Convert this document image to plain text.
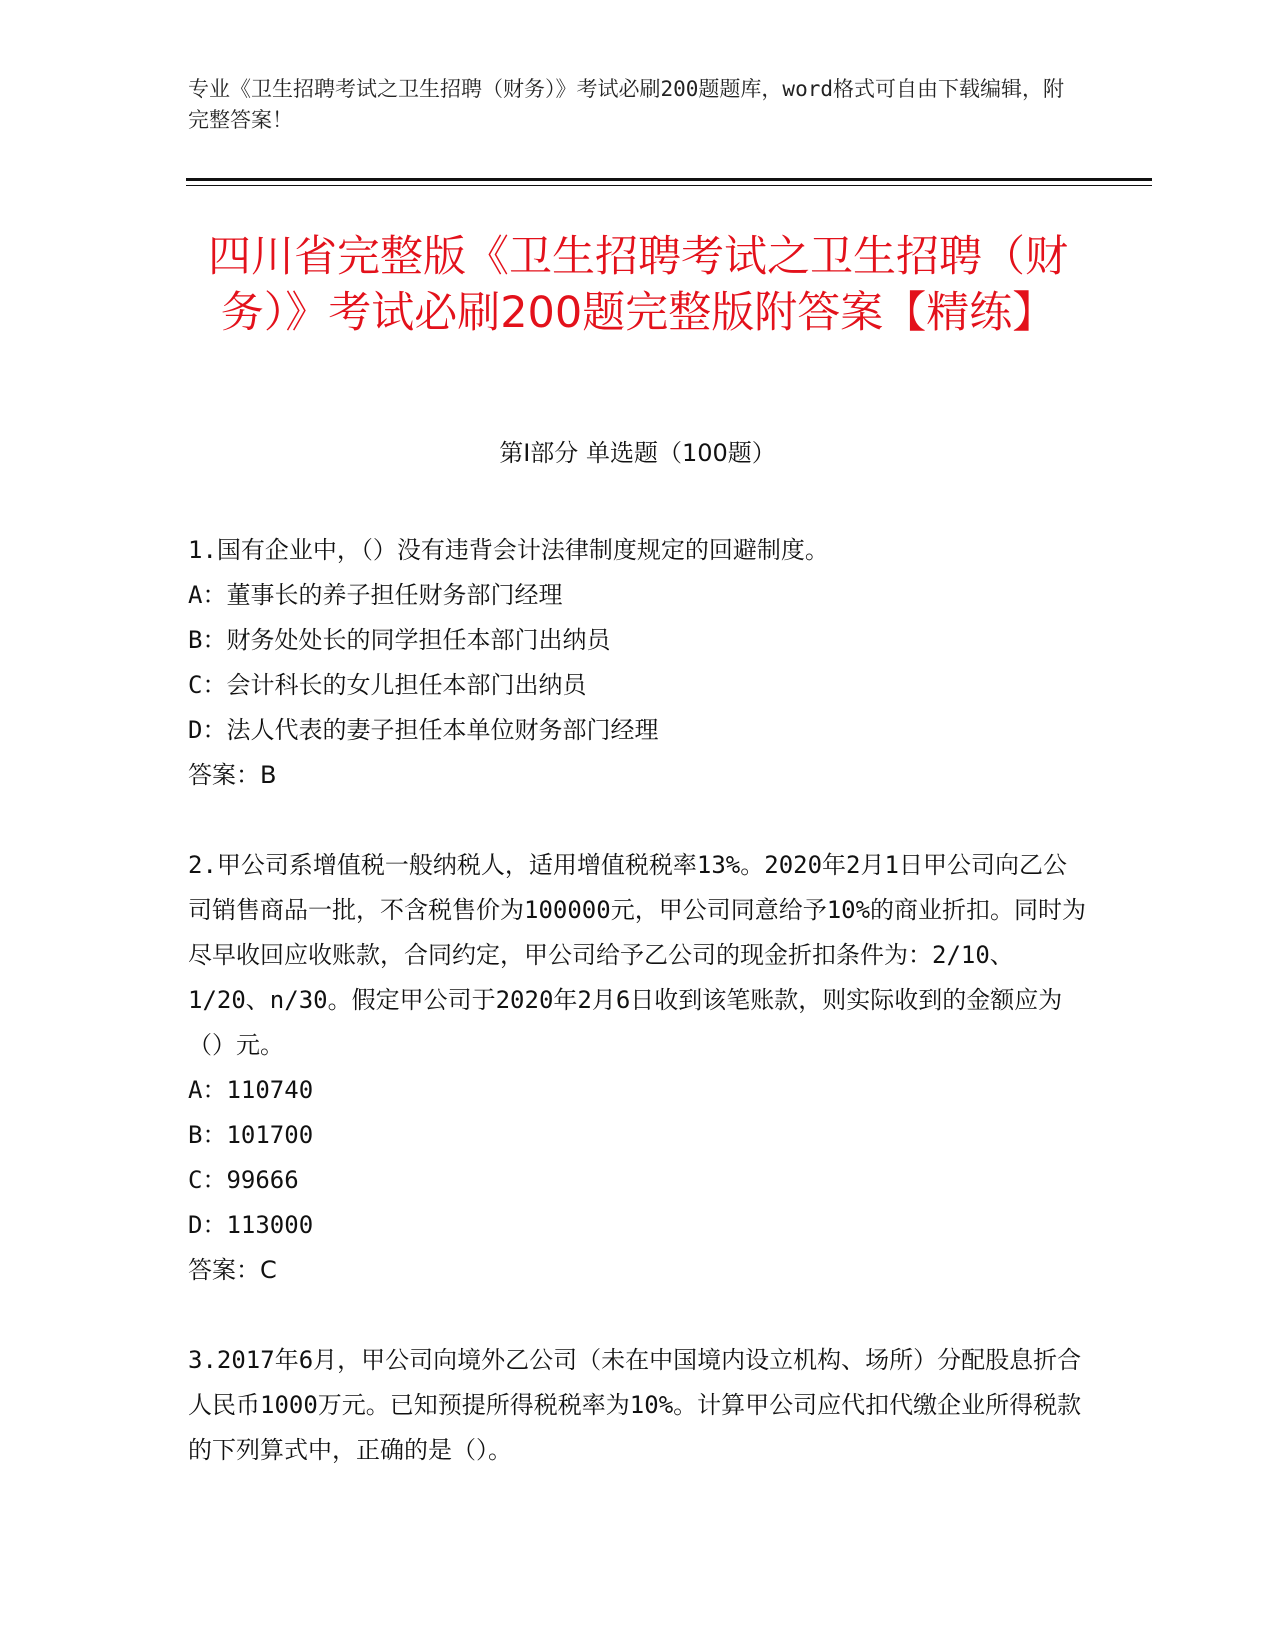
专业《卫生招聘考试之卫生招聘（财务）》考试必刷200题题库，word格式可自由下载编辑，附完整答案！
四川省完整版《卫生招聘考试之卫生招聘（财务）》考试必刷200题完整版附答案【精练】
第Ⅰ部分 单选题（100题）

1.国有企业中，（）没有违背会计法律制度规定的回避制度。

A：董事长的养子担任财务部门经理

B：财务处处长的同学担任本部门出纳员

C：会计科长的女儿担任本部门出纳员

D：法人代表的妻子担任本单位财务部门经理

答案：B

2.甲公司系增值税一般纳税人，适用增值税税率13%。2020年2月1日甲公司向乙公司销售商品一批，不含税售价为100000元，甲公司同意给予10%的商业折扣。同时为尽早收回应收账款，合同约定，甲公司给予乙公司的现金折扣条件为：2/10、1/20、n/30。假定甲公司于2020年2月6日收到该笔账款，则实际收到的金额应为（）元。

A：110740

B：101700

C：99666

D：113000

答案：C

3.2017年6月，甲公司向境外乙公司（未在中国境内设立机构、场所）分配股息折合人民币1000万元。已知预提所得税税率为10%。计算甲公司应代扣代缴企业所得税款的下列算式中，正确的是（）。
